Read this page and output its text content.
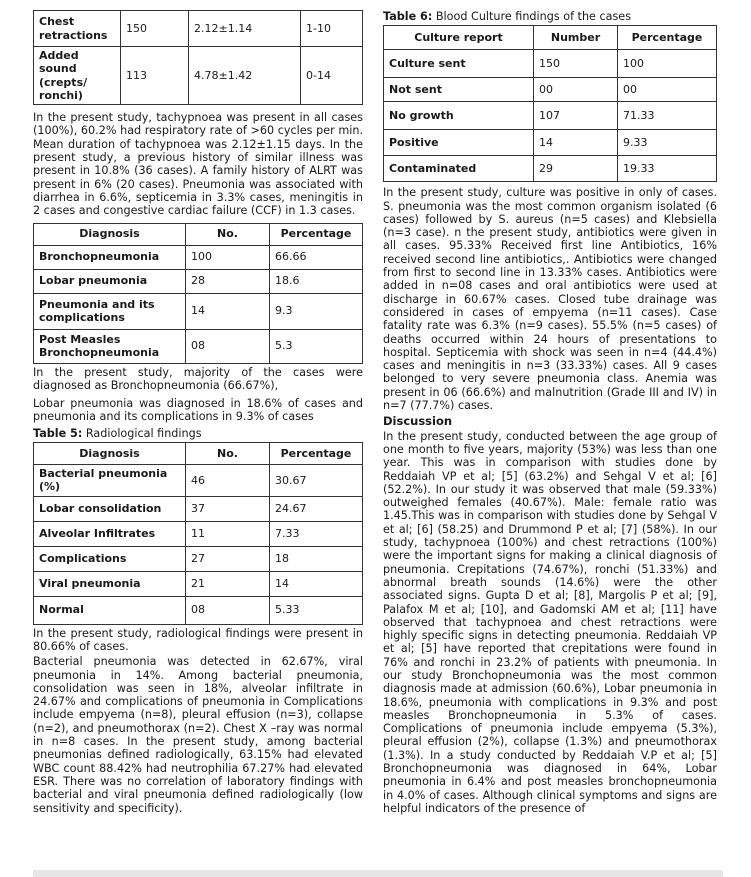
Chest retractions	150	2.12±1.14	1-10
Added sound (crepts/ ronchi)	113	4.78±1.42	0-14

In the present study, tachypnoea was present in all cases (100%), 60.2% had respiratory rate of >60 cycles per min. Mean duration of tachypnoea was 2.12±1.15 days. In the present study, a previous history of similar illness was present in 10.8% (36 cases). A family history of ALRT was present in 6% (20 cases). Pneumonia was associated with diarrhea in 6.6%, septicemia in 3.3% cases, meningitis in 2 cases and congestive cardiac failure (CCF) in 1.3 cases.

Diagnosis	No.	Percentage
Bronchopneumonia	100	66.66
Lobar pneumonia	28	18.6
Pneumonia and its complications	14	9.3
Post Measles Bronchopneumonia	08	5.3

In the present study, majority of the cases were diagnosed as Bronchopneumonia (66.67%),

Lobar pneumonia was diagnosed in 18.6% of cases and pneumonia and its complications in 9.3% of cases

Table 5: Radiological findings
Diagnosis	No.	Percentage
Bacterial pneumonia (%)	46	30.67
Lobar consolidation	37	24.67
Alveolar Infiltrates	11	7.33
Complications	27	18
Viral pneumonia	21	14
Normal	08	5.33

In the present study, radiological findings were present in 80.66% of cases.

Bacterial pneumonia was detected in 62.67%, viral pneumonia in 14%. Among bacterial pneumonia, consolidation was seen in 18%, alveolar infiltrate in 24.67% and complications of pneumonia in Complications include empyema (n=8), pleural effusion (n=3), collapse (n=2), and pneumothorax (n=2). Chest X –ray was normal in n=8 cases. In the present study, among bacterial pneumonias defined radiologically, 63.15% had elevated WBC count 88.42% had neutrophilia 67.27% had elevated ESR. There was no correlation of laboratory findings with bacterial and viral pneumonia defined radiologically (low sensitivity and specificity).

Table 6: Blood Culture findings of the cases
Culture report	Number	Percentage
Culture sent	150	100
Not sent	00	00
No growth	107	71.33
Positive	14	9.33
Contaminated	29	19.33

In the present study, culture was positive in only of cases. S. pneumonia was the most common organism isolated (6 cases) followed by S. aureus (n=5 cases) and Klebsiella (n=3 case). n the present study, antibiotics were given in all cases. 95.33% Received first line Antibiotics, 16% received second line antibiotics,. Antibiotics were changed from first to second line in 13.33% cases. Antibiotics were added in n=08 cases and oral antibiotics were used at discharge in 60.67% cases. Closed tube drainage was considered in cases of empyema (n=11 cases). Case fatality rate was 6.3% (n=9 cases). 55.5% (n=5 cases) of deaths occurred within 24 hours of presentations to hospital. Septicemia with shock was seen in n=4 (44.4%) cases and meningitis in n=3 (33.33%) cases. All 9 cases belonged to very severe pneumonia class. Anemia was present in 06 (66.6%) and malnutrition (Grade III and IV) in n=7 (77.7%) cases.

Discussion

In the present study, conducted between the age group of one month to five years, majority (53%) was less than one year. This was in comparison with studies done by Reddaiah VP et al; [5] (63.2%) and Sehgal V et al; [6] (52.2%). In our study it was observed that male (59.33%) outweighed females (40.67%). Male: female ratio was 1.45.This was in comparison with studies done by Sehgal V et al; [6] (58.25) and Drummond P et al; [7] (58%). In our study, tachypnoea (100%) and chest retractions (100%) were the important signs for making a clinical diagnosis of pneumonia. Crepitations (74.67%), ronchi (51.33%) and abnormal breath sounds (14.6%) were the other associated signs. Gupta D et al; [8], Margolis P et al; [9], Palafox M et al; [10], and Gadomski AM et al; [11] have observed that tachypnoea and chest retractions were highly specific signs in detecting pneumonia. Reddaiah VP et al; [5] have reported that crepitations were found in 76% and ronchi in 23.2% of patients with pneumonia. In our study Bronchopneumonia was the most common diagnosis made at admission (60.6%), Lobar pneumonia in 18.6%, pneumonia with complications in 9.3% and post measles Bronchopneumonia in 5.3% of cases. Complications of pneumonia include empyema (5.3%), pleural effusion (2%), collapse (1.3%) and pneumothorax (1.3%). In a study conducted by Reddaiah V.P et al; [5] Bronchopneumonia was diagnosed in 64%, Lobar pneumonia in 6.4% and post measles bronchopneumonia in 4.0% of cases. Although clinical symptoms and signs are helpful indicators of the presence of
